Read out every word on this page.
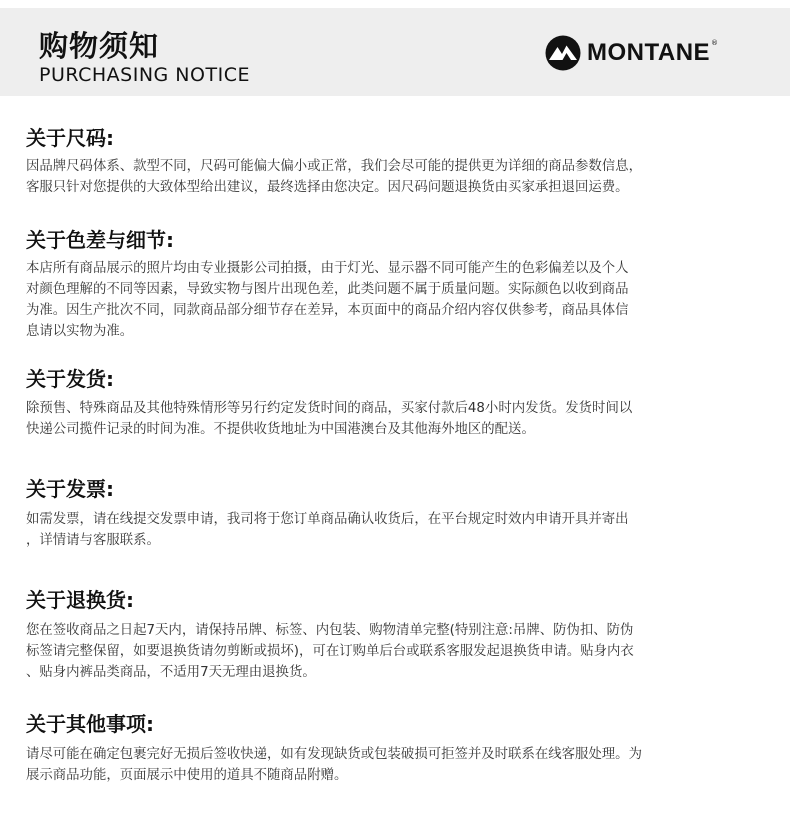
购物须知
PURCHASING NOTICE
MONTANE ®
关于尺码:

因品牌尺码体系、款型不同，尺码可能偏大偏小或正常，我们会尽可能的提供更为详细的商品参数信息，
客服只针对您提供的大致体型给出建议，最终选择由您决定。因尺码问题退换货由买家承担退回运费。

关于色差与细节:

本店所有商品展示的照片均由专业摄影公司拍摄，由于灯光、显示器不同可能产生的色彩偏差以及个人
对颜色理解的不同等因素，导致实物与图片出现色差，此类问题不属于质量问题。实际颜色以收到商品
为准。因生产批次不同，同款商品部分细节存在差异，本页面中的商品介绍内容仅供参考，商品具体信
息请以实物为准。

关于发货:

除预售、特殊商品及其他特殊情形等另行约定发货时间的商品，买家付款后48小时内发货。发货时间以
快递公司揽件记录的时间为准。不提供收货地址为中国港澳台及其他海外地区的配送。

关于发票:

如需发票，请在线提交发票申请，我司将于您订单商品确认收货后，在平台规定时效内申请开具并寄出
，详情请与客服联系。

关于退换货:

您在签收商品之日起7天内，请保持吊牌、标签、内包装、购物清单完整(特别注意:吊牌、防伪扣、防伪
标签请完整保留，如要退换货请勿剪断或损坏)，可在订购单后台或联系客服发起退换货申请。贴身内衣
、贴身内裤品类商品，不适用7天无理由退换货。

关于其他事项:

请尽可能在确定包裹完好无损后签收快递，如有发现缺货或包装破损可拒签并及时联系在线客服处理。为
展示商品功能，页面展示中使用的道具不随商品附赠。
